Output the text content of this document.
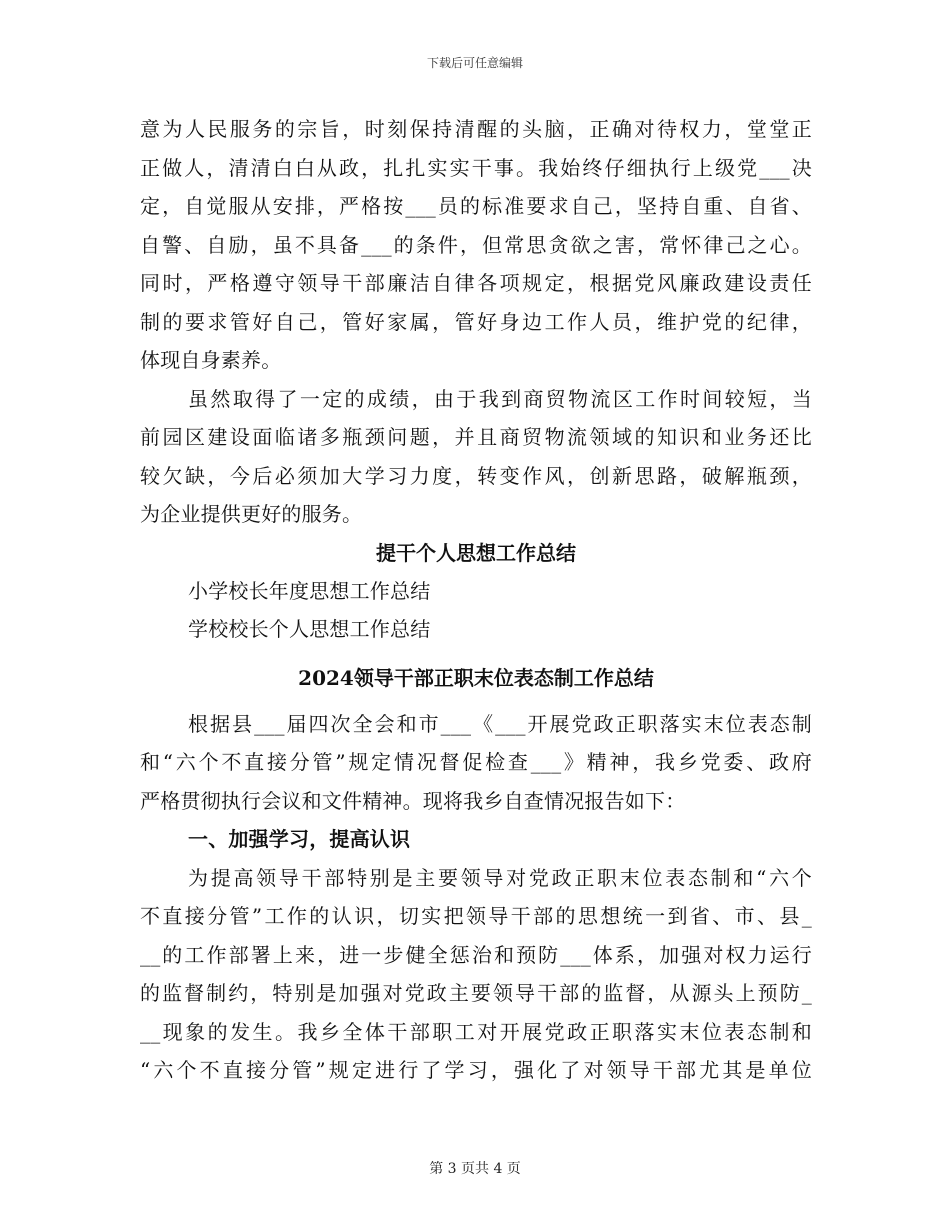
下载后可任意编辑
意为人民服务的宗旨，时刻保持清醒的头脑，正确对待权力，堂堂正
正做人，清清白白从政，扎扎实实干事。我始终仔细执行上级党___决
定，自觉服从安排，严格按___员的标准要求自己，坚持自重、自省、
自警、自励，虽不具备___的条件，但常思贪欲之害，常怀律己之心。
同时，严格遵守领导干部廉洁自律各项规定，根据党风廉政建设责任
制的要求管好自己，管好家属，管好身边工作人员，维护党的纪律，
体现自身素养。
虽然取得了一定的成绩，由于我到商贸物流区工作时间较短，当
前园区建设面临诸多瓶颈问题，并且商贸物流领域的知识和业务还比
较欠缺，今后必须加大学习力度，转变作风，创新思路，破解瓶颈，
为企业提供更好的服务。
提干个人思想工作总结
小学校长年度思想工作总结
学校校长个人思想工作总结
2024领导干部正职末位表态制工作总结
根据县___届四次全会和市___《___开展党政正职落实末位表态制
和“六个不直接分管”规定情况督促检查___》精神，我乡党委、政府
严格贯彻执行会议和文件精神。现将我乡自查情况报告如下：
一、加强学习，提高认识
为提高领导干部特别是主要领导对党政正职末位表态制和“六个
不直接分管”工作的认识，切实把领导干部的思想统一到省、市、县_
__的工作部署上来，进一步健全惩治和预防___体系，加强对权力运行
的监督制约，特别是加强对党政主要领导干部的监督，从源头上预防_
__现象的发生。我乡全体干部职工对开展党政正职落实末位表态制和
“六个不直接分管”规定进行了学习，强化了对领导干部尤其是单位
第 3 页共 4 页
